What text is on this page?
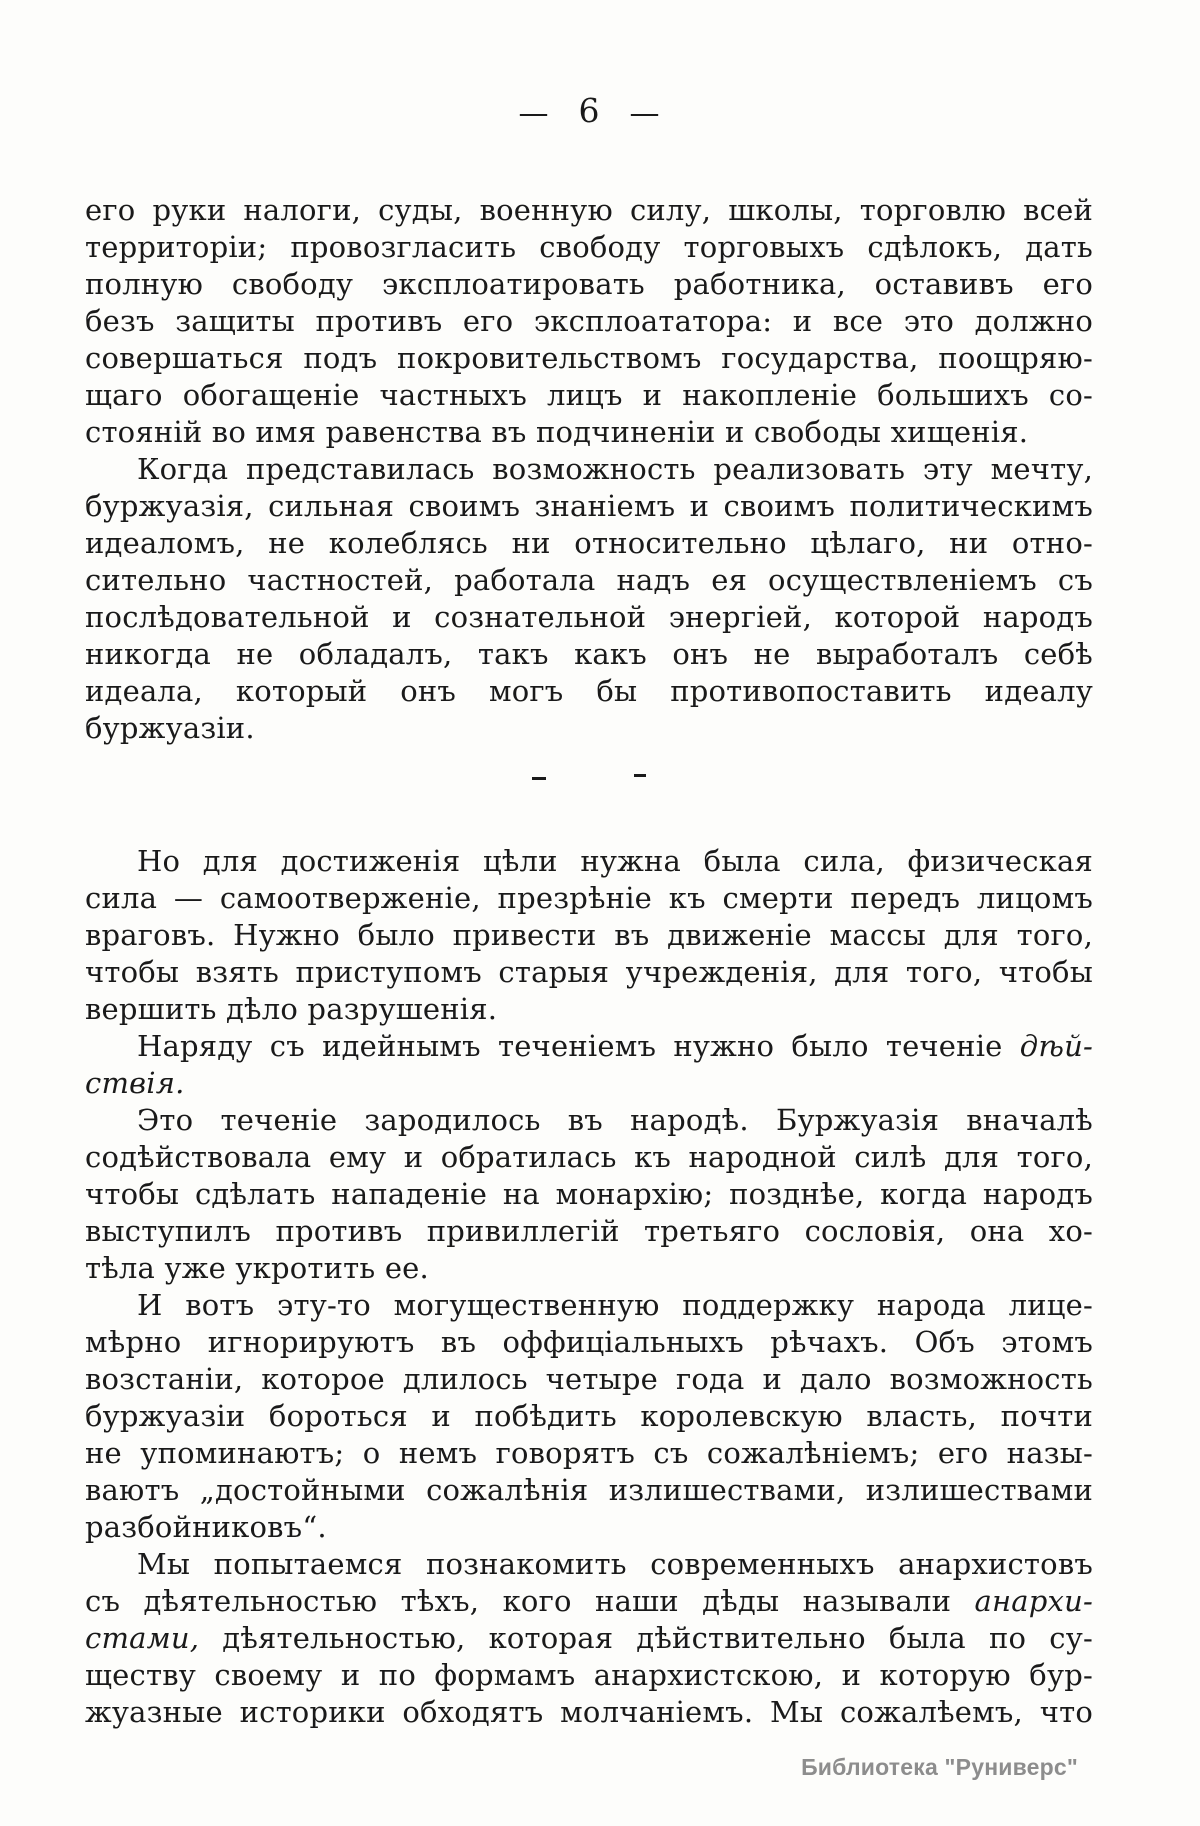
— 6 —
его руки налоги, суды, военную силу, школы, торговлю всей
территоріи; провозгласить свободу торговыхъ сдѣлокъ, дать
полную свободу эксплоатировать работника, оставивъ его
безъ защиты противъ его эксплоататора: и все это должно
совершаться подъ покровительствомъ государства, поощряю-
щаго обогащеніе частныхъ лицъ и накопленіе большихъ со-
стояній во имя равенства въ подчиненіи и свободы хищенія.
Когда представилась возможность реализовать эту мечту,
буржуазія, сильная своимъ знаніемъ и своимъ политическимъ
идеаломъ, не колеблясь ни относительно цѣлаго, ни отно-
сительно частностей, работала надъ ея осуществленіемъ съ
послѣдовательной и сознательной энергіей, которой народъ
никогда не обладалъ, такъ какъ онъ не выработалъ себѣ
идеала, который онъ могъ бы противопоставить идеалу
буржуазіи.
Но для достиженія цѣли нужна была сила, физическая
сила — самоотверженіе, презрѣніе къ смерти передъ лицомъ
враговъ. Нужно было привести въ движеніе массы для того,
чтобы взять приступомъ старыя учрежденія, для того, чтобы
вершить дѣло разрушенія.
Наряду съ идейнымъ теченіемъ нужно было теченіе дѣй-
ствія.
Это теченіе зародилось въ народѣ. Буржуазія вначалѣ
содѣйствовала ему и обратилась къ народной силѣ для того,
чтобы сдѣлать нападеніе на монархію; позднѣе, когда народъ
выступилъ противъ привиллегій третьяго сословія, она хо-
тѣла уже укротить ее.
И вотъ эту-то могущественную поддержку народа лице-
мѣрно игнорируютъ въ оффиціальныхъ рѣчахъ. Объ этомъ
возстаніи, которое длилось четыре года и дало возможность
буржуазіи бороться и побѣдить королевскую власть, почти
не упоминаютъ; о немъ говорятъ съ сожалѣніемъ; его назы-
ваютъ „достойными сожалѣнія излишествами, излишествами
разбойниковъ“.
Мы попытаемся познакомить современныхъ анархистовъ
съ дѣятельностью тѣхъ, кого наши дѣды называли анархи-
стами, дѣятельностью, которая дѣйствительно была по су-
ществу своему и по формамъ анархистскою, и которую бур-
жуазные историки обходятъ молчаніемъ. Мы сожалѣемъ, что
Библиотека "Руниверс"
